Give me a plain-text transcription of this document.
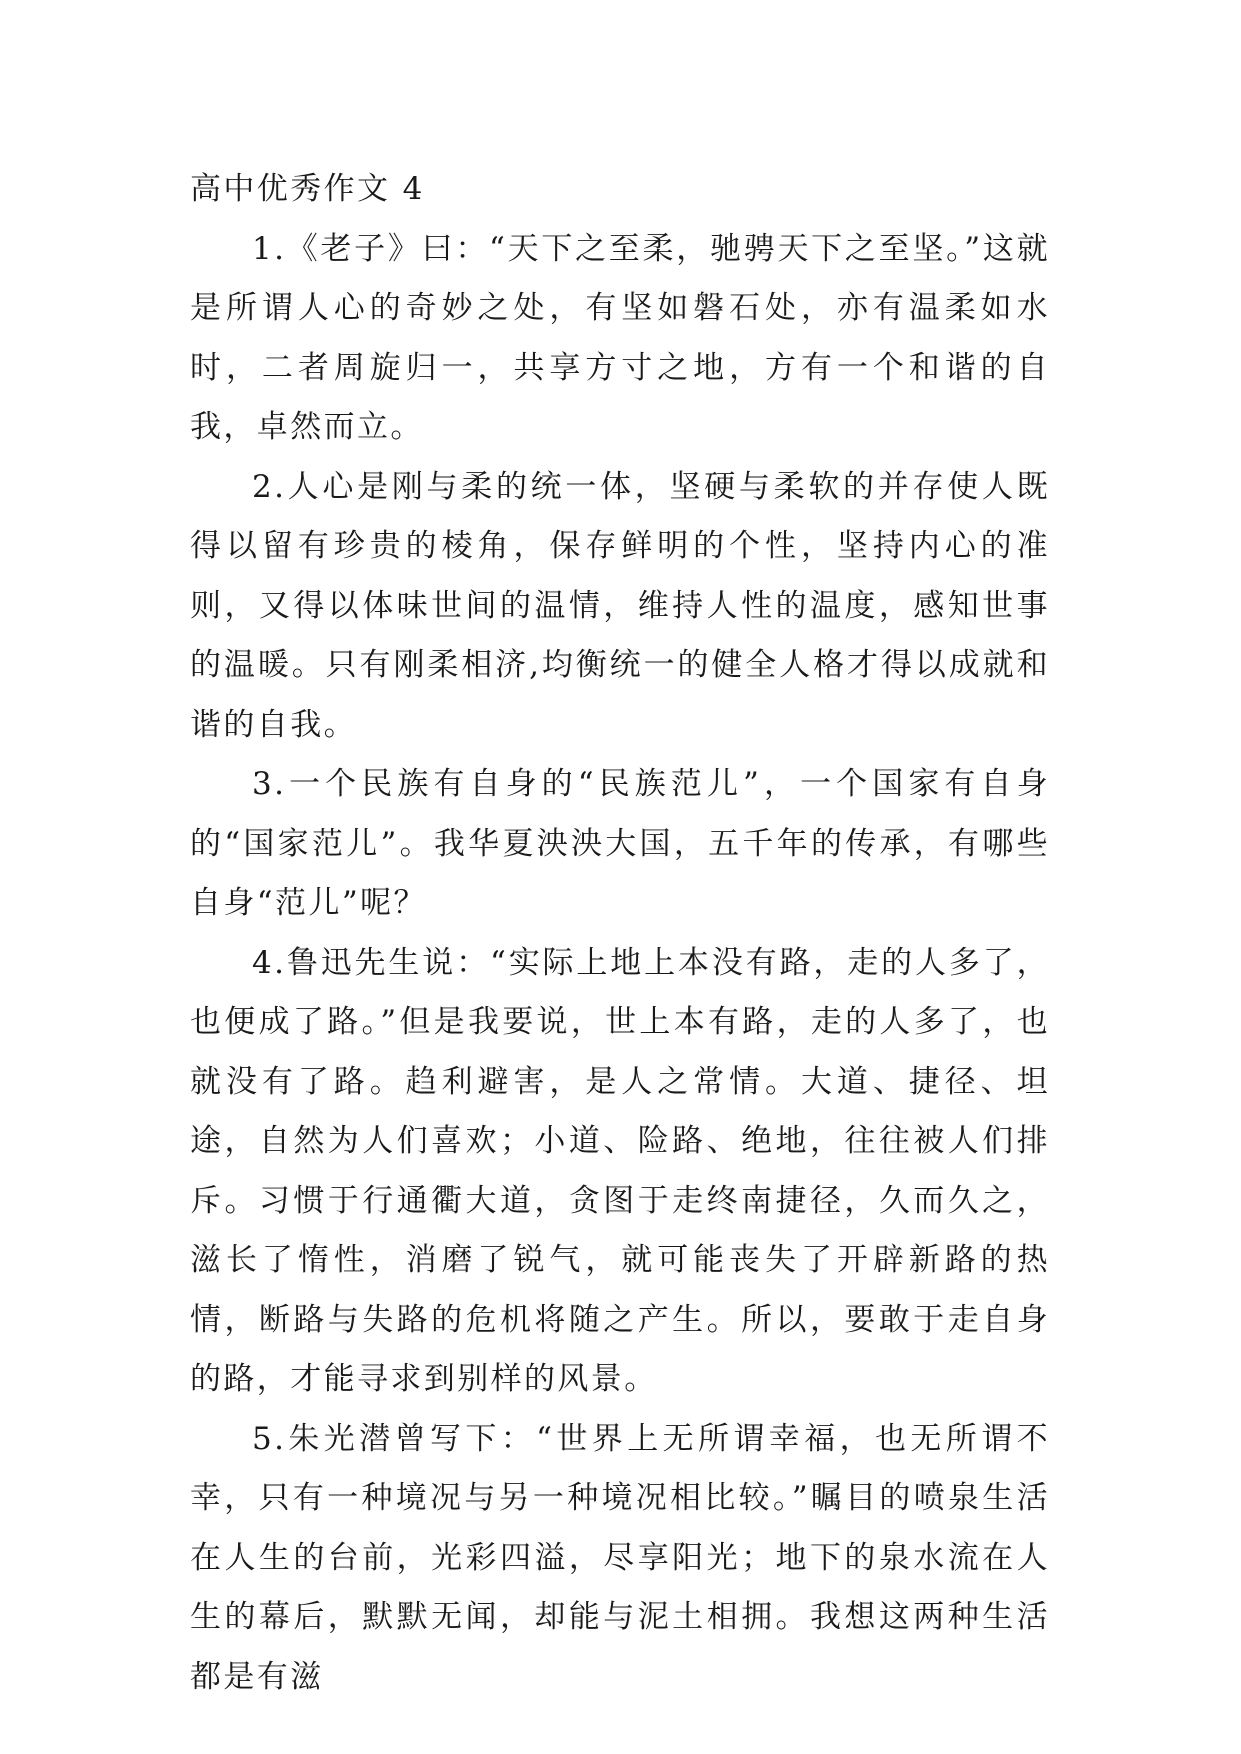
高中优秀作文 4

1.《老子》曰：“天下之至柔，驰骋天下之至坚。”这就是所谓人心的奇妙之处，有坚如磐石处，亦有温柔如水时，二者周旋归一，共享方寸之地，方有一个和谐的自我，卓然而立。

2.人心是刚与柔的统一体，坚硬与柔软的并存使人既得以留有珍贵的棱角，保存鲜明的个性，坚持内心的准则，又得以体味世间的温情，维持人性的温度，感知世事的温暖。只有刚柔相济,均衡统一的健全人格才得以成就和谐的自我。

3.一个民族有自身的“民族范儿”，一个国家有自身的“国家范儿”。我华夏泱泱大国，五千年的传承，有哪些自身“范儿”呢？

4.鲁迅先生说：“实际上地上本没有路，走的人多了，也便成了路。”但是我要说，世上本有路，走的人多了，也就没有了路。趋利避害，是人之常情。大道、捷径、坦途，自然为人们喜欢；小道、险路、绝地，往往被人们排斥。习惯于行通衢大道，贪图于走终南捷径，久而久之，滋长了惰性，消磨了锐气，就可能丧失了开辟新路的热情，断路与失路的危机将随之产生。所以，要敢于走自身的路，才能寻求到别样的风景。

5.朱光潜曾写下：“世界上无所谓幸福，也无所谓不幸，只有一种境况与另一种境况相比较。”瞩目的喷泉生活在人生的台前，光彩四溢，尽享阳光；地下的泉水流在人生的幕后，默默无闻，却能与泥土相拥。我想这两种生活都是有滋
